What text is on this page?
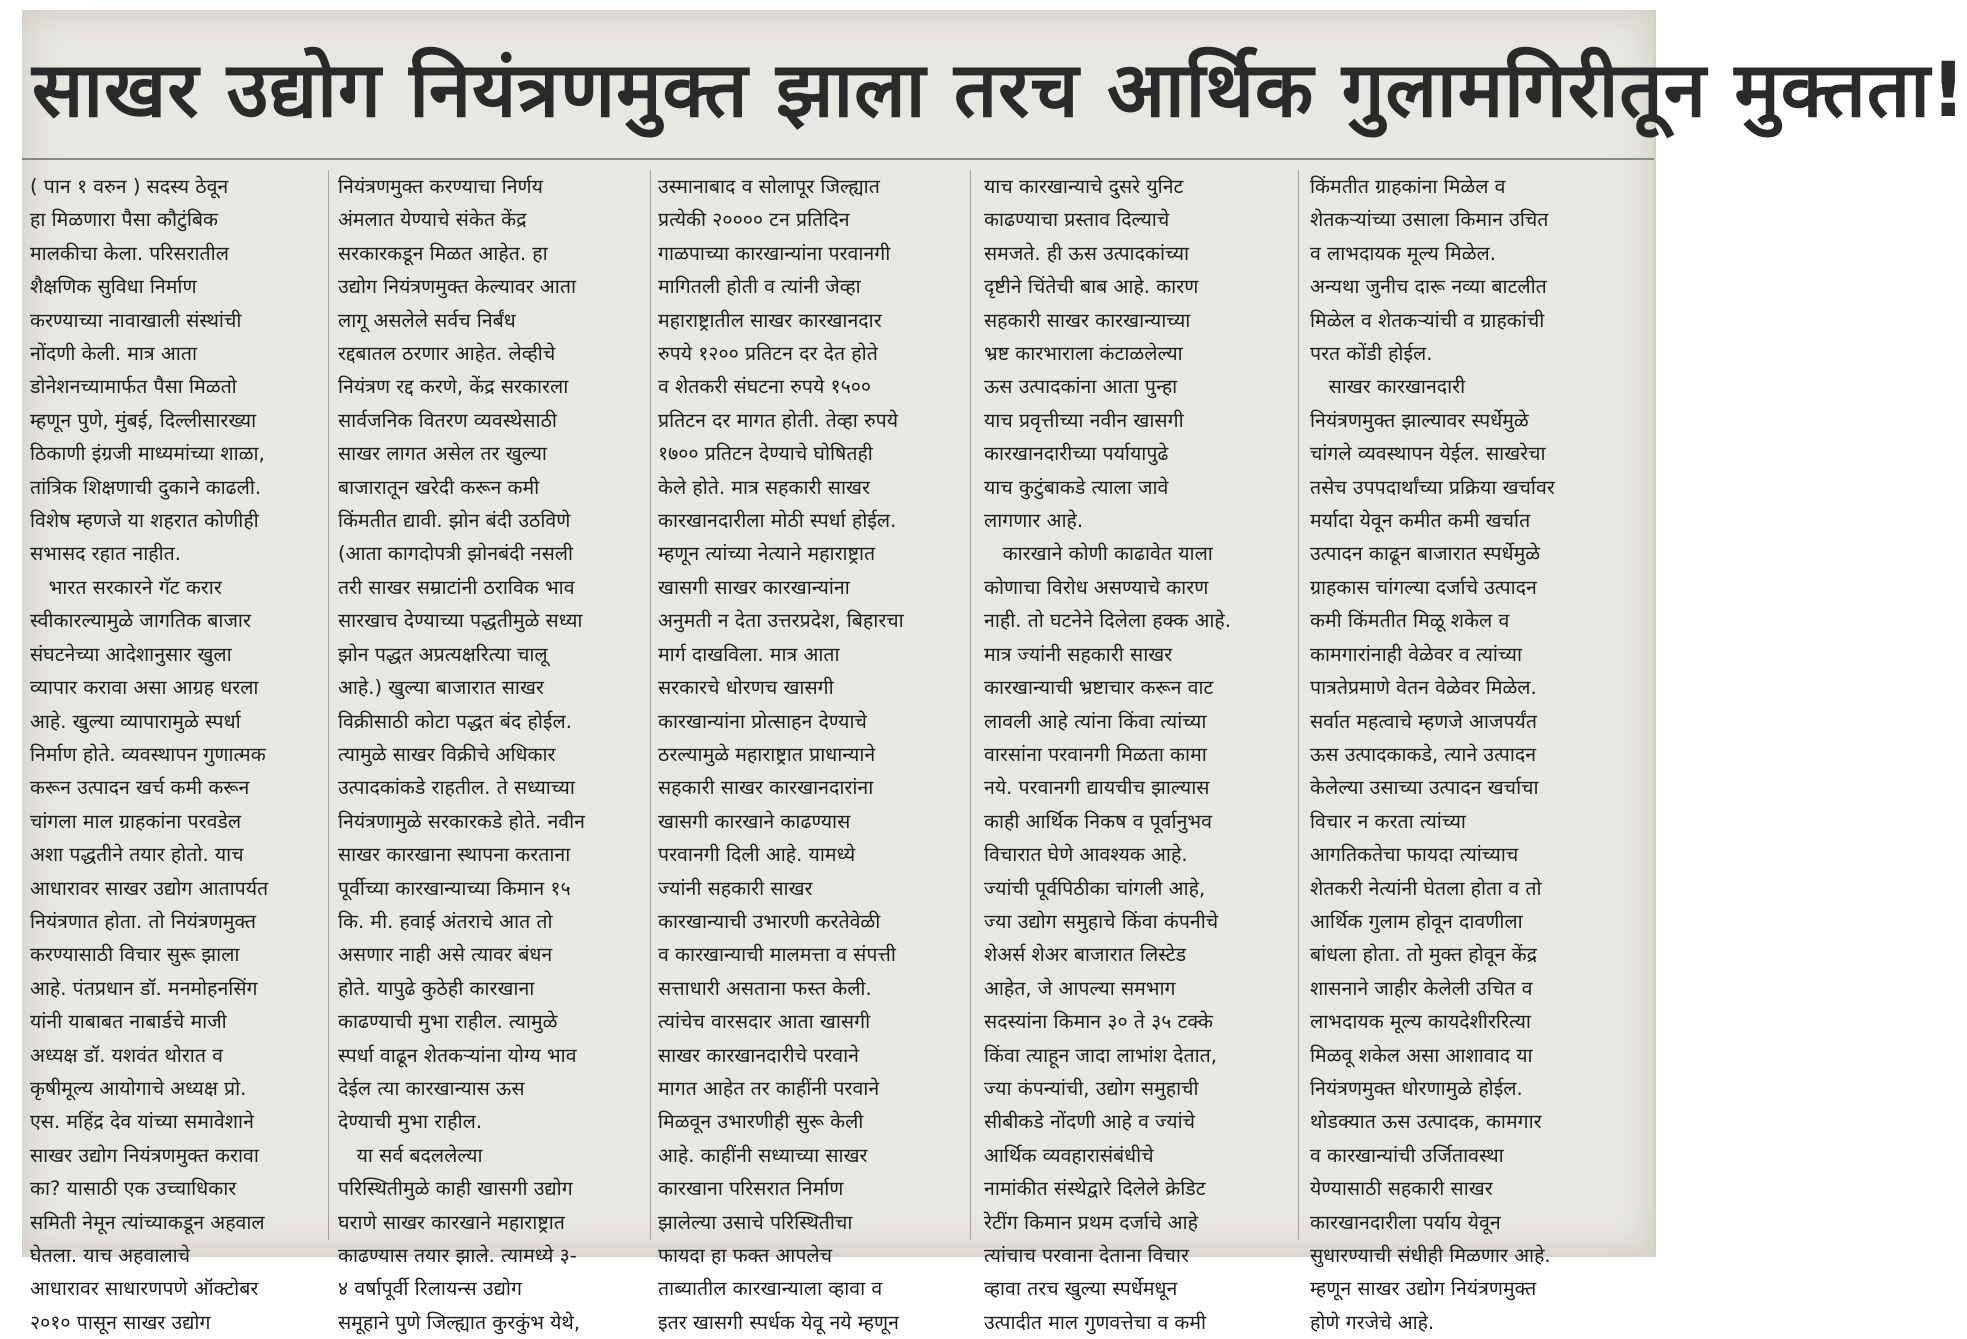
साखर उद्योग नियंत्रणमुक्त झाला तरच आर्थिक गुलामगिरीतून मुक्तता!
( पान १ वरुन ) सदस्य ठेवून
हा मिळणारा पैसा कौटुंबिक
मालकीचा केला. परिसरातील
शैक्षणिक सुविधा निर्माण
करण्याच्या नावाखाली संस्थांची
नोंदणी केली. मात्र आता
डोनेशनच्यामार्फत पैसा मिळतो
म्हणून पुणे, मुंबई, दिल्लीसारख्या
ठिकाणी इंग्रजी माध्यमांच्या शाळा,
तांत्रिक शिक्षणाची दुकाने काढली.
विशेष म्हणजे या शहरात कोणीही
सभासद रहात नाहीत.
भारत सरकारने गॅट करार
स्वीकारल्यामुळे जागतिक बाजार
संघटनेच्या आदेशानुसार खुला
व्यापार करावा असा आग्रह धरला
आहे. खुल्या व्यापारामुळे स्पर्धा
निर्माण होते. व्यवस्थापन गुणात्मक
करून उत्पादन खर्च कमी करून
चांगला माल ग्राहकांना परवडेल
अशा पद्धतीने तयार होतो. याच
आधारावर साखर उद्योग आतापर्यत
नियंत्रणात होता. तो नियंत्रणमुक्त
करण्यासाठी विचार सुरू झाला
आहे. पंतप्रधान डॉ. मनमोहनसिंग
यांनी याबाबत नाबार्डचे माजी
अध्यक्ष डॉ. यशवंत थोरात व
कृषीमूल्य आयोगाचे अध्यक्ष प्रो.
एस. महिंद्र देव यांच्या समावेशाने
साखर उद्योग नियंत्रणमुक्त करावा
का? यासाठी एक उच्चाधिकार
समिती नेमून त्यांच्याकडून अहवाल
घेतला. याच अहवालाचे
आधारावर साधारणपणे ऑक्टोबर
२०१० पासून साखर उद्योग
नियंत्रणमुक्त करण्याचा निर्णय
अंमलात येण्याचे संकेत केंद्र
सरकारकडून मिळत आहेत. हा
उद्योग नियंत्रणमुक्त केल्यावर आता
लागू असलेले सर्वच निर्बंध
रद्दबातल ठरणार आहेत. लेव्हीचे
नियंत्रण रद्द करणे, केंद्र सरकारला
सार्वजनिक वितरण व्यवस्थेसाठी
साखर लागत असेल तर खुल्या
बाजारातून खरेदी करून कमी
किंमतीत द्यावी. झोन बंदी उठविणे
(आता कागदोपत्री झोनबंदी नसली
तरी साखर सम्राटांनी ठराविक भाव
सारखाच देण्याच्या पद्धतीमुळे सध्या
झोन पद्धत अप्रत्यक्षरित्या चालू
आहे.) खुल्या बाजारात साखर
विक्रीसाठी कोटा पद्धत बंद होईल.
त्यामुळे साखर विक्रीचे अधिकार
उत्पादकांकडे राहतील. ते सध्याच्या
नियंत्रणामुळे सरकारकडे होते. नवीन
साखर कारखाना स्थापना करताना
पूर्वीच्या कारखान्याच्या किमान १५
कि. मी. हवाई अंतराचे आत तो
असणार नाही असे त्यावर बंधन
होते. यापुढे कुठेही कारखाना
काढण्याची मुभा राहील. त्यामुळे
स्पर्धा वाढून शेतकऱ्यांना योग्य भाव
देईल त्या कारखान्यास ऊस
देण्याची मुभा राहील.
या सर्व बदललेल्या
परिस्थितीमुळे काही खासगी उद्योग
घराणे साखर कारखाने महाराष्ट्रात
काढण्यास तयार झाले. त्यामध्ये ३-
४ वर्षापूर्वी रिलायन्स उद्योग
समूहाने पुणे जिल्ह्यात कुरकुंभ येथे,
उस्मानाबाद व सोलापूर जिल्ह्यात
प्रत्येकी २०००० टन प्रतिदिन
गाळपाच्या कारखान्यांना परवानगी
मागितली होती व त्यांनी जेव्हा
महाराष्ट्रातील साखर कारखानदार
रुपये १२०० प्रतिटन दर देत होते
व शेतकरी संघटना रुपये १५००
प्रतिटन दर मागत होती. तेव्हा रुपये
१७०० प्रतिटन देण्याचे घोषितही
केले होते. मात्र सहकारी साखर
कारखानदारीला मोठी स्पर्धा होईल.
म्हणून त्यांच्या नेत्याने महाराष्ट्रात
खासगी साखर कारखान्यांना
अनुमती न देता उत्तरप्रदेश, बिहारचा
मार्ग दाखविला. मात्र आता
सरकारचे धोरणच खासगी
कारखान्यांना प्रोत्साहन देण्याचे
ठरल्यामुळे महाराष्ट्रात प्राधान्याने
सहकारी साखर कारखानदारांना
खासगी कारखाने काढण्यास
परवानगी दिली आहे. यामध्ये
ज्यांनी सहकारी साखर
कारखान्याची उभारणी करतेवेळी
व कारखान्याची मालमत्ता व संपत्ती
सत्ताधारी असताना फस्त केली.
त्यांचेच वारसदार आता खासगी
साखर कारखानदारीचे परवाने
मागत आहेत तर काहींनी परवाने
मिळवून उभारणीही सुरू केली
आहे. काहींनी सध्याच्या साखर
कारखाना परिसरात निर्माण
झालेल्या उसाचे परिस्थितीचा
फायदा हा फक्त आपलेच
ताब्यातील कारखान्याला व्हावा व
इतर खासगी स्पर्धक येवू नये म्हणून
याच कारखान्याचे दुसरे युनिट
काढण्याचा प्रस्ताव दिल्याचे
समजते. ही ऊस उत्पादकांच्या
दृष्टीने चिंतेची बाब आहे. कारण
सहकारी साखर कारखान्याच्या
भ्रष्ट कारभाराला कंटाळलेल्या
ऊस उत्पादकांना आता पुन्हा
याच प्रवृत्तीच्या नवीन खासगी
कारखानदारीच्या पर्यायापुढे
याच कुटुंबाकडे त्याला जावे
लागणार आहे.
कारखाने कोणी काढावेत याला
कोणाचा विरोध असण्याचे कारण
नाही. तो घटनेने दिलेला हक्क आहे.
मात्र ज्यांनी सहकारी साखर
कारखान्याची भ्रष्टाचार करून वाट
लावली आहे त्यांना किंवा त्यांच्या
वारसांना परवानगी मिळता कामा
नये. परवानगी द्यायचीच झाल्यास
काही आर्थिक निकष व पूर्वानुभव
विचारात घेणे आवश्यक आहे.
ज्यांची पूर्वपिठीका चांगली आहे,
ज्या उद्योग समुहाचे किंवा कंपनीचे
शेअर्स शेअर बाजारात लिस्टेड
आहेत, जे आपल्या समभाग
सदस्यांना किमान ३० ते ३५ टक्के
किंवा त्याहून जादा लाभांश देतात,
ज्या कंपन्यांची, उद्योग समुहाची
सीबीकडे नोंदणी आहे व ज्यांचे
आर्थिक व्यवहारासंबंधीचे
नामांकीत संस्थेद्वारे दिलेले क्रेडिट
रेटींग किमान प्रथम दर्जाचे आहे
त्यांचाच परवाना देताना विचार
व्हावा तरच खुल्या स्पर्धेमधून
उत्पादीत माल गुणवत्तेचा व कमी
किंमतीत ग्राहकांना मिळेल व
शेतकऱ्यांच्या उसाला किमान उचित
व लाभदायक मूल्य मिळेल.
अन्यथा जुनीच दारू नव्या बाटलीत
मिळेल व शेतकऱ्यांची व ग्राहकांची
परत कोंडी होईल.
साखर कारखानदारी
नियंत्रणमुक्त झाल्यावर स्पर्धेमुळे
चांगले व्यवस्थापन येईल. साखरेचा
तसेच उपपदार्थांच्या प्रक्रिया खर्चावर
मर्यादा येवून कमीत कमी खर्चात
उत्पादन काढून बाजारात स्पर्धेमुळे
ग्राहकास चांगल्या दर्जाचे उत्पादन
कमी किंमतीत मिळू शकेल व
कामगारांनाही वेळेवर व त्यांच्या
पात्रतेप्रमाणे वेतन वेळेवर मिळेल.
सर्वात महत्वाचे म्हणजे आजपर्यंत
ऊस उत्पादकाकडे, त्याने उत्पादन
केलेल्या उसाच्या उत्पादन खर्चाचा
विचार न करता त्यांच्या
आगतिकतेचा फायदा त्यांच्याच
शेतकरी नेत्यांनी घेतला होता व तो
आर्थिक गुलाम होवून दावणीला
बांधला होता. तो मुक्त होवून केंद्र
शासनाने जाहीर केलेली उचित व
लाभदायक मूल्य कायदेशीररित्या
मिळवू शकेल असा आशावाद या
नियंत्रणमुक्त धोरणामुळे होईल.
थोडक्यात ऊस उत्पादक, कामगार
व कारखान्यांची उर्जितावस्था
येण्यासाठी सहकारी साखर
कारखानदारीला पर्याय येवून
सुधारण्याची संधीही मिळणार आहे.
म्हणून साखर उद्योग नियंत्रणमुक्त
होणे गरजेचे आहे.
